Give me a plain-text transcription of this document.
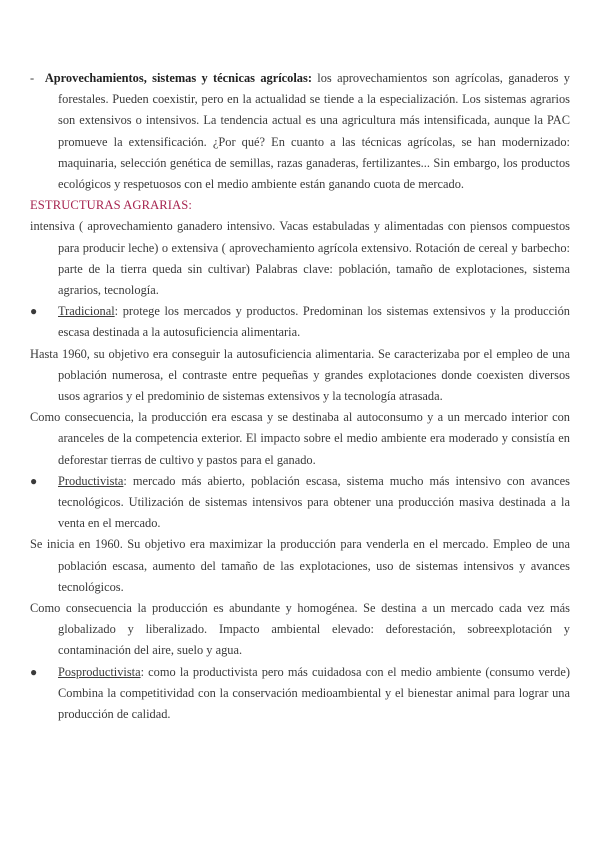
- Aprovechamientos, sistemas y técnicas agrícolas: los aprovechamientos son agrícolas, ganaderos y forestales. Pueden coexistir, pero en la actualidad se tiende a la especialización. Los sistemas agrarios son extensivos o intensivos. La tendencia actual es una agricultura más intensificada, aunque la PAC promueve la extensificación. ¿Por qué? En cuanto a las técnicas agrícolas, se han modernizado: maquinaria, selección genética de semillas, razas ganaderas, fertilizantes... Sin embargo, los productos ecológicos y respetuosos con el medio ambiente están ganando cuota de mercado.

ESTRUCTURAS AGRARIAS:

intensiva ( aprovechamiento ganadero intensivo. Vacas estabuladas y alimentadas con piensos compuestos para producir leche) o extensiva ( aprovechamiento agrícola extensivo. Rotación de cereal y barbecho: parte de la tierra queda sin cultivar) Palabras clave: población, tamaño de explotaciones, sistema agrarios, tecnología.

● Tradicional: protege los mercados y productos. Predominan los sistemas extensivos y la producción escasa destinada a la autosuficiencia alimentaria.

Hasta 1960, su objetivo era conseguir la autosuficiencia alimentaria. Se caracterizaba por el empleo de una población numerosa, el contraste entre pequeñas y grandes explotaciones donde coexisten diversos usos agrarios y el predominio de sistemas extensivos y la tecnología atrasada.

Como consecuencia, la producción era escasa y se destinaba al autoconsumo y a un mercado interior con aranceles de la competencia exterior. El impacto sobre el medio ambiente era moderado y consistía en deforestar tierras de cultivo y pastos para el ganado.

● Productivista: mercado más abierto, población escasa, sistema mucho más intensivo con avances tecnológicos. Utilización de sistemas intensivos para obtener una producción masiva destinada a la venta en el mercado.

Se inicia en 1960. Su objetivo era maximizar la producción para venderla en el mercado. Empleo de una población escasa, aumento del tamaño de las explotaciones, uso de sistemas intensivos y avances tecnológicos.

Como consecuencia la producción es abundante y homogénea. Se destina a un mercado cada vez más globalizado y liberalizado. Impacto ambiental elevado: deforestación, sobreexplotación y contaminación del aire, suelo y agua.

● Posproductivista: como la productivista pero más cuidadosa con el medio ambiente (consumo verde) Combina la competitividad con la conservación medioambiental y el bienestar animal para lograr una producción de calidad.
